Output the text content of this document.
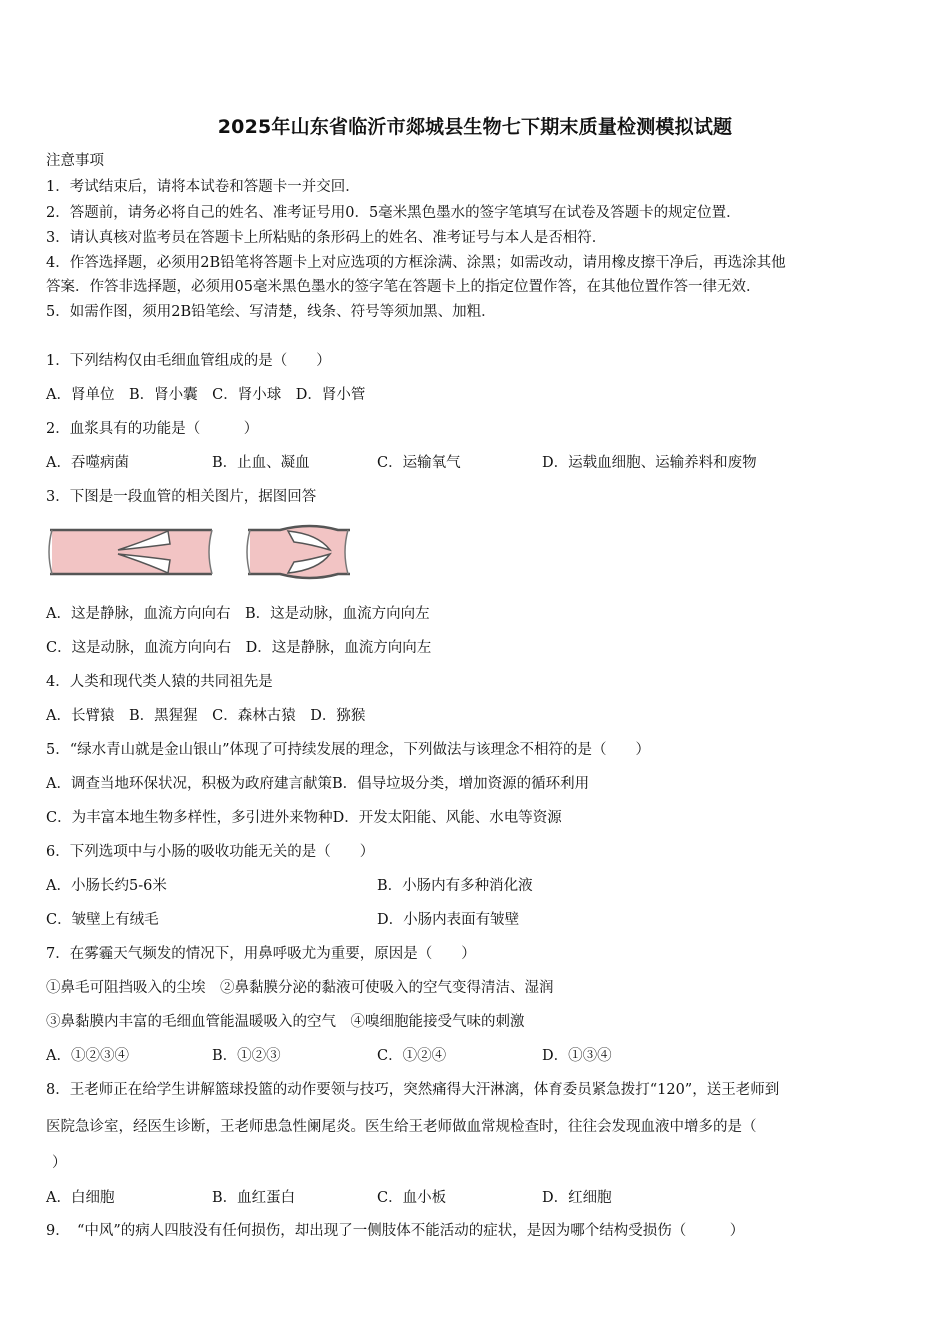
2025年山东省临沂市郯城县生物七下期末质量检测模拟试题
注意事项
1．考试结束后，请将本试卷和答题卡一并交回．
2．答题前，请务必将自己的姓名、准考证号用0．5毫米黑色墨水的签字笔填写在试卷及答题卡的规定位置．
3．请认真核对监考员在答题卡上所粘贴的条形码上的姓名、准考证号与本人是否相符．
4．作答选择题，必须用2B铅笔将答题卡上对应选项的方框涂满、涂黑；如需改动，请用橡皮擦干净后，再选涂其他
答案．作答非选择题，必须用05毫米黑色墨水的签字笔在答题卡上的指定位置作答，在其他位置作答一律无效．
5．如需作图，须用2B铅笔绘、写清楚，线条、符号等须加黑、加粗．
1．下列结构仅由毛细血管组成的是（　　）
A．肾单位　B．肾小囊　C．肾小球　D．肾小管
2．血浆具有的功能是（　　　）
A．吞噬病菌	B．止血、凝血	C．运输氧气	D．运载血细胞、运输养料和废物
3．下图是一段血管的相关图片，据图回答
A．这是静脉，血流方向向右　B．这是动脉，血流方向向左
C．这是动脉，血流方向向右　D．这是静脉，血流方向向左
4．人类和现代类人猿的共同祖先是
A．长臂猿　B．黑猩猩　C．森林古猿　D．猕猴
5．“绿水青山就是金山银山”体现了可持续发展的理念，下列做法与该理念不相符的是（　　）
A．调查当地环保状况，积极为政府建言献策B．倡导垃圾分类，增加资源的循环利用
C．为丰富本地生物多样性，多引进外来物种D．开发太阳能、风能、水电等资源
6．下列选项中与小肠的吸收功能无关的是（　　）
A．小肠长约5-6米	B．小肠内有多种消化液
C．皱壁上有绒毛	D．小肠内表面有皱壁
7．在雾霾天气频发的情况下，用鼻呼吸尤为重要，原因是（　　）
①鼻毛可阻挡吸入的尘埃　②鼻黏膜分泌的黏液可使吸入的空气变得清洁、湿润
③鼻黏膜内丰富的毛细血管能温暖吸入的空气　④嗅细胞能接受气味的刺激
A．①②③④	B．①②③	C．①②④	D．①③④
8．王老师正在给学生讲解篮球投篮的动作要领与技巧，突然痛得大汗淋漓，体育委员紧急拨打“120”，送王老师到
医院急诊室，经医生诊断，王老师患急性阑尾炎。医生给王老师做血常规检查时，往往会发现血液中增多的是（
）
A．白细胞	B．血红蛋白	C．血小板	D．红细胞
9．　“中风”的病人四肢没有任何损伤，却出现了一侧肢体不能活动的症状，是因为哪个结构受损伤（　　　）
